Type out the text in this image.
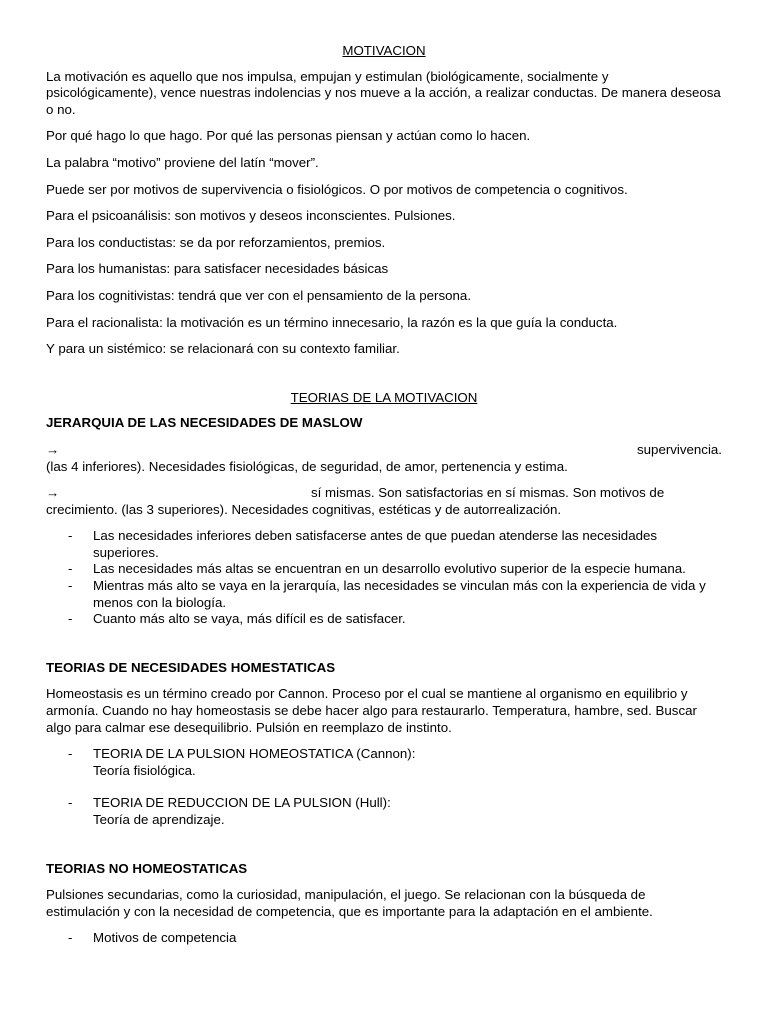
MOTIVACION

La motivación es aquello que nos impulsa, empujan y estimulan (biológicamente, socialmente y psicológicamente), vence nuestras indolencias y nos mueve a la acción, a realizar conductas. De manera deseosa o no.

Por qué hago lo que hago. Por qué las personas piensan y actúan como lo hacen.

La palabra “motivo” proviene del latín “mover”.

Puede ser por motivos de supervivencia o fisiológicos. O por motivos de competencia o cognitivos.

Para el psicoanálisis: son motivos y deseos inconscientes. Pulsiones.

Para los conductistas: se da por reforzamientos, premios.

Para los humanistas: para satisfacer necesidades básicas

Para los cognitivistas: tendrá que ver con el pensamiento de la persona.

Para el racionalista: la motivación es un término innecesario, la razón es la que guía la conducta.

Y para un sistémico: se relacionará con su contexto familiar.

TEORIAS DE LA MOTIVACION
JERARQUIA DE LAS NECESIDADES DE MASLOW
→	supervivencia.
(las 4 inferiores). Necesidades fisiológicas, de seguridad, de amor, pertenencia y estima.
→	sí mismas. Son satisfactorias en sí mismas. Son motivos de
crecimiento. (las 3 superiores). Necesidades cognitivas, estéticas y de autorrealización.
- Las necesidades inferiores deben satisfacerse antes de que puedan atenderse las necesidades superiores.
- Las necesidades más altas se encuentran en un desarrollo evolutivo superior de la especie humana.
- Mientras más alto se vaya en la jerarquía, las necesidades se vinculan más con la experiencia de vida y menos con la biología.
- Cuanto más alto se vaya, más difícil es de satisfacer.
TEORIAS DE NECESIDADES HOMESTATICAS

Homeostasis es un término creado por Cannon. Proceso por el cual se mantiene al organismo en equilibrio y armonía. Cuando no hay homeostasis se debe hacer algo para restaurarlo. Temperatura, hambre, sed. Buscar algo para calmar ese desequilibrio. Pulsión en reemplazo de instinto.

- TEORIA DE LA PULSION HOMEOSTATICA (Cannon):
Teoría fisiológica.
- TEORIA DE REDUCCION DE LA PULSION (Hull):
Teoría de aprendizaje.
TEORIAS NO HOMEOSTATICAS

Pulsiones secundarias, como la curiosidad, manipulación, el juego. Se relacionan con la búsqueda de estimulación y con la necesidad de competencia, que es importante para la adaptación en el ambiente.

- Motivos de competencia
